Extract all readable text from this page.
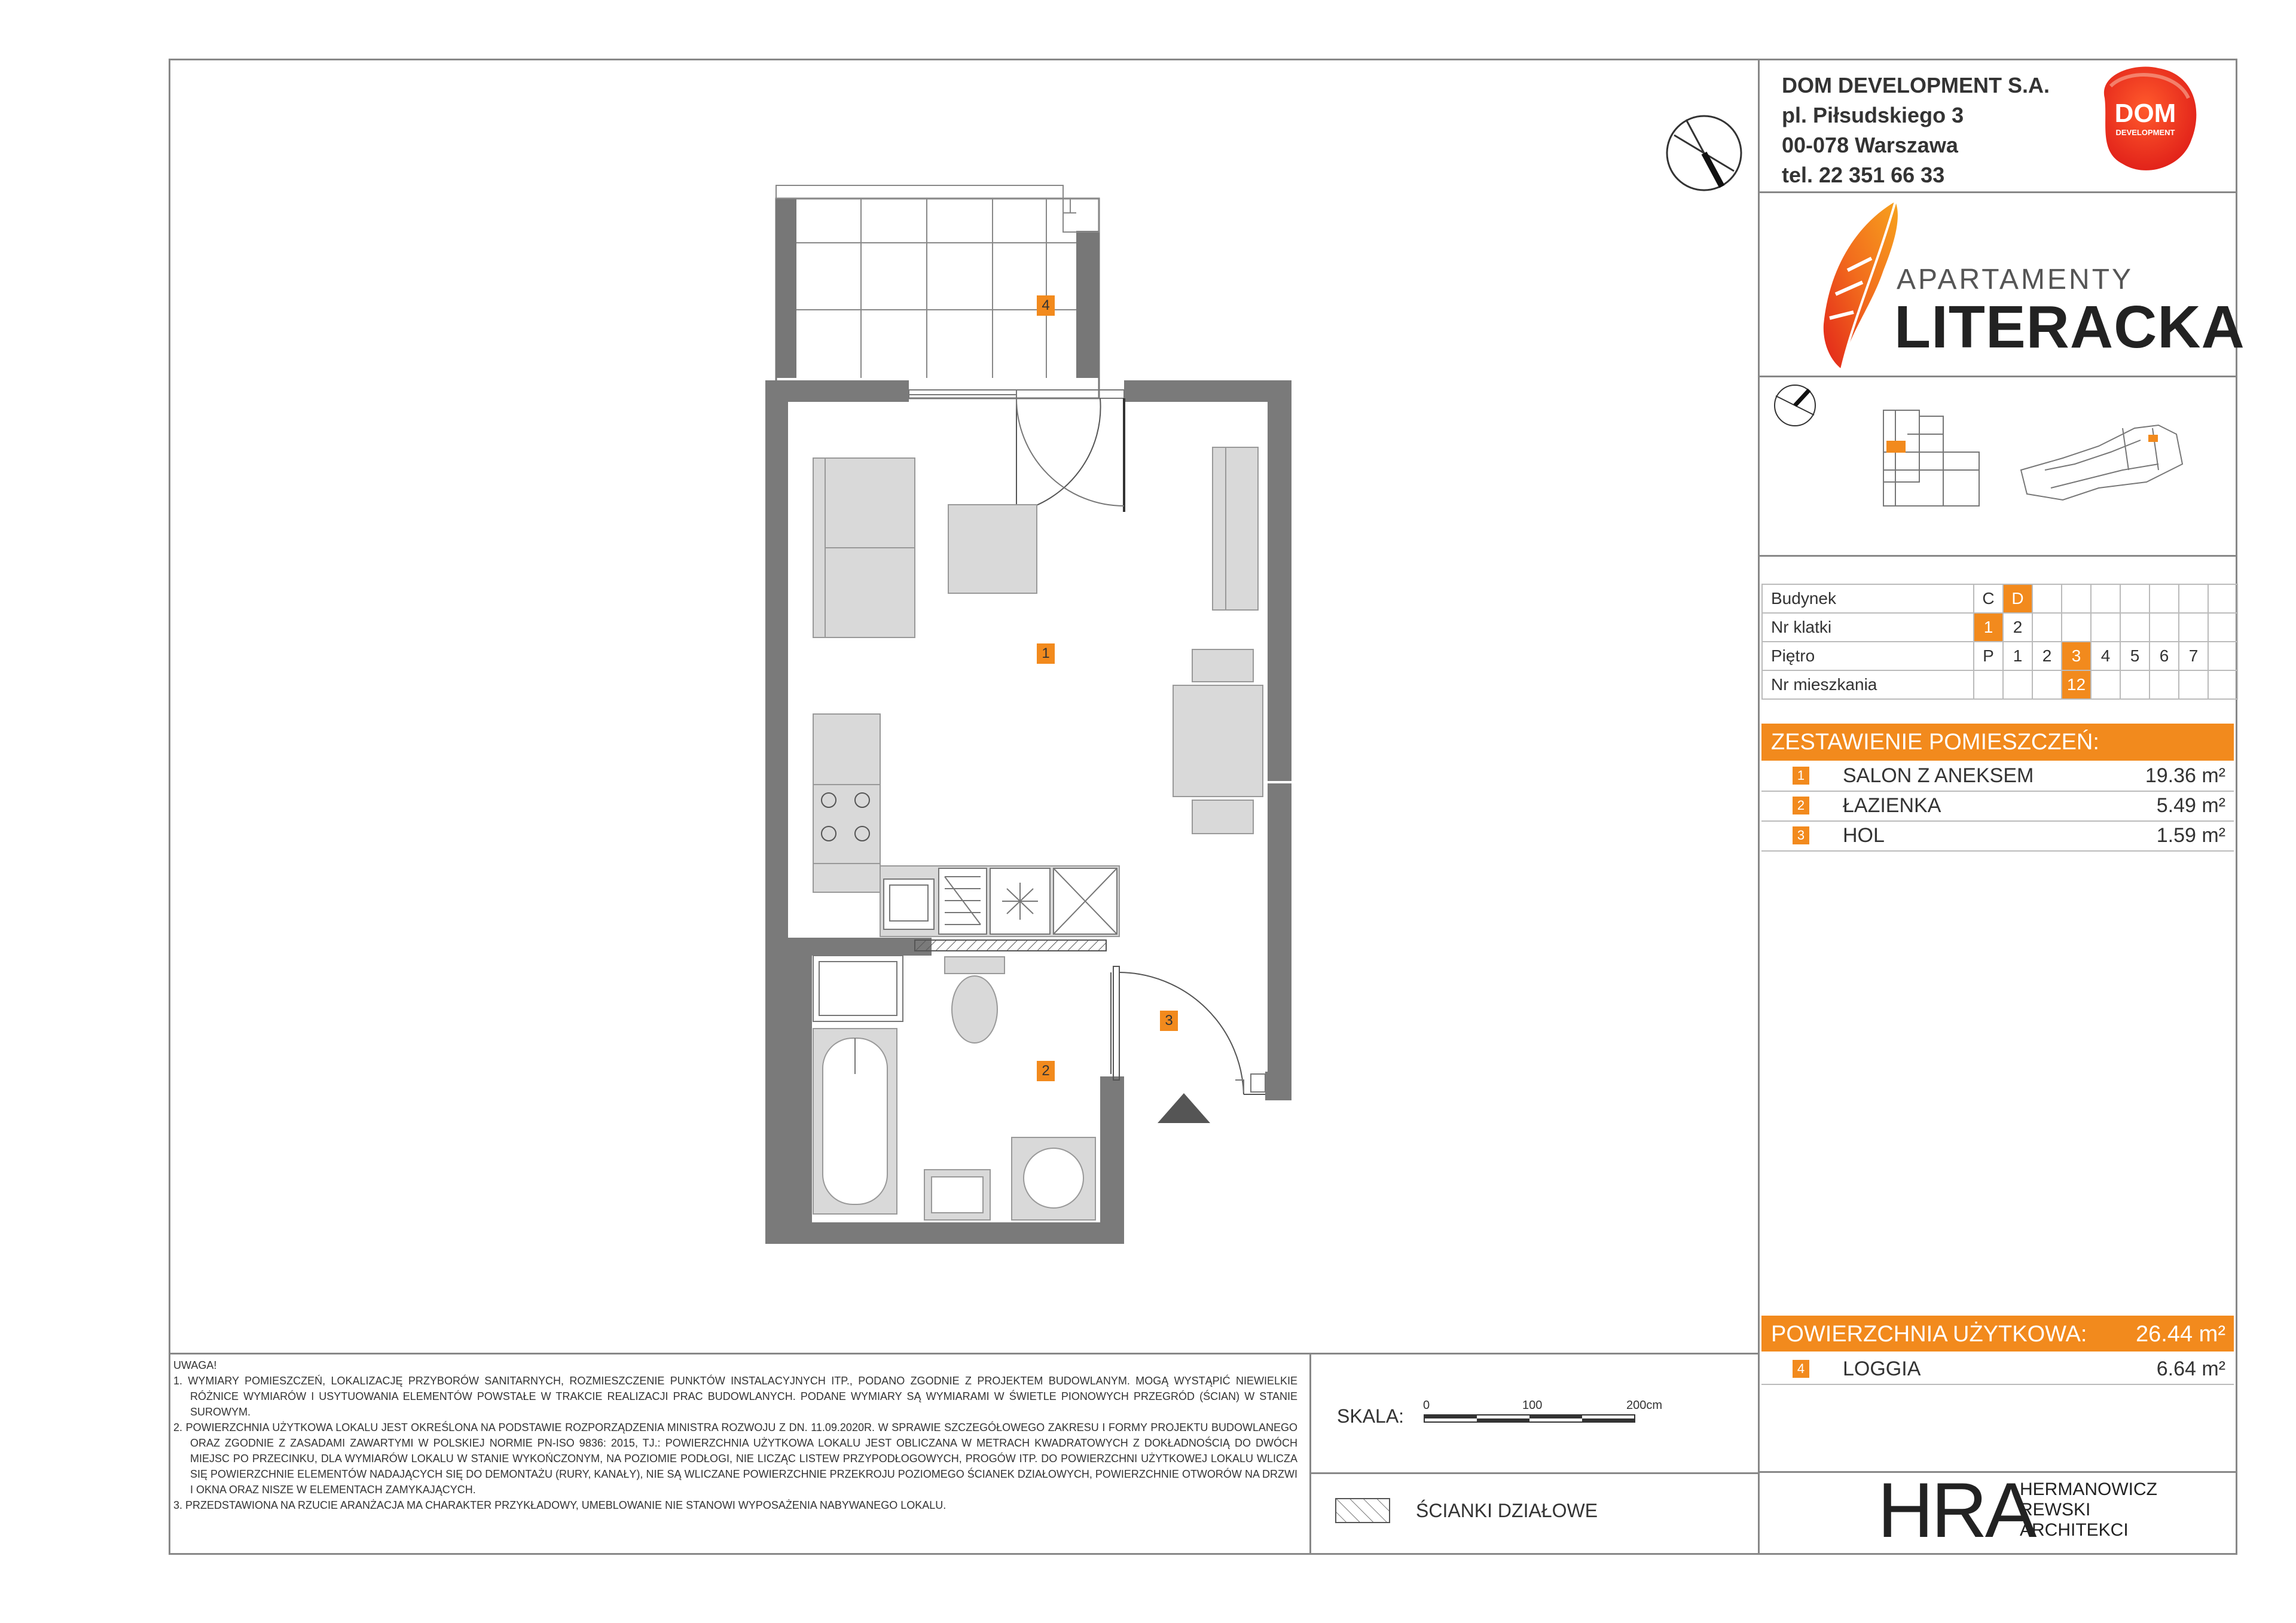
DOM DEVELOPMENT S.A.
pl. Piłsudskiego 3
00-078 Warszawa
tel. 22 351 66 33
DOM
DEVELOPMENT
APARTAMENTY
LITERACKA
Budynek	C	D							
Nr klatki	1	2							
Piętro	P	1	2	3	4	5	6	7	
Nr mieszkania				12					
ZESTAWIENIE POMIESZCZEŃ:
1 SALON Z ANEKSEM	19.36 m²
2 ŁAZIENKA	5.49 m²
3 HOL	1.59 m²
POWIERZCHNIA UŻYTKOWA: 26.44 m²
4 LOGGIA	6.64 m²
1
2
3
4

UWAGA!

1. WYMIARY POMIESZCZEŃ, LOKALIZACJĘ PRZYBORÓW SANITARNYCH, ROZMIESZCZENIE PUNKTÓW INSTALACYJNYCH ITP., PODANO ZGODNIE Z PROJEKTEM BUDOWLANYM. MOGĄ WYSTĄPIĆ NIEWIELKIE RÓŻNICE WYMIARÓW I USYTUOWANIA ELEMENTÓW POWSTAŁE W TRAKCIE REALIZACJI PRAC BUDOWLANYCH. PODANE WYMIARY SĄ WYMIARAMI W ŚWIETLE PIONOWYCH PRZEGRÓD (ŚCIAN) W STANIE SUROWYM.

2. POWIERZCHNIA UŻYTKOWA LOKALU JEST OKREŚLONA NA PODSTAWIE ROZPORZĄDZENIA MINISTRA ROZWOJU Z DN. 11.09.2020R. W SPRAWIE SZCZEGÓŁOWEGO ZAKRESU I FORMY PROJEKTU BUDOWLANEGO ORAZ ZGODNIE Z ZASADAMI ZAWARTYMI W POLSKIEJ NORMIE PN-ISO 9836: 2015, TJ.: POWIERZCHNIA UŻYTKOWA LOKALU JEST OBLICZANA W METRACH KWADRATOWYCH Z DOKŁADNOŚCIĄ DO DWÓCH MIEJSC PO PRZECINKU, DLA WYMIARÓW LOKALU W STANIE WYKOŃCZONYM, NA POZIOMIE PODŁOGI, NIE LICZĄC LISTEW PRZYPODŁOGOWYCH, PROGÓW ITP. DO POWIERZCHNI UŻYTKOWEJ LOKALU WLICZA SIĘ POWIERZCHNIE ELEMENTÓW NADAJĄCYCH SIĘ DO DEMONTAŻU (RURY, KANAŁY), NIE SĄ WLICZANE POWIERZCHNIE PRZEKROJU POZIOMEGO ŚCIANEK DZIAŁOWYCH, POWIERZCHNIE OTWORÓW NA DRZWI I OKNA ORAZ NISZE W ELEMENTACH ZAMYKAJĄCYCH.

3. PRZEDSTAWIONA NA RZUCIE ARANŻACJA MA CHARAKTER PRZYKŁADOWY, UMEBLOWANIE NIE STANOWI WYPOSAŻENIA NABYWANEGO LOKALU.

SKALA: 0	100	200cm
ŚCIANKI DZIAŁOWE	HRA
HERMANOWICZ
REWSKI
ARCHITEKCI
